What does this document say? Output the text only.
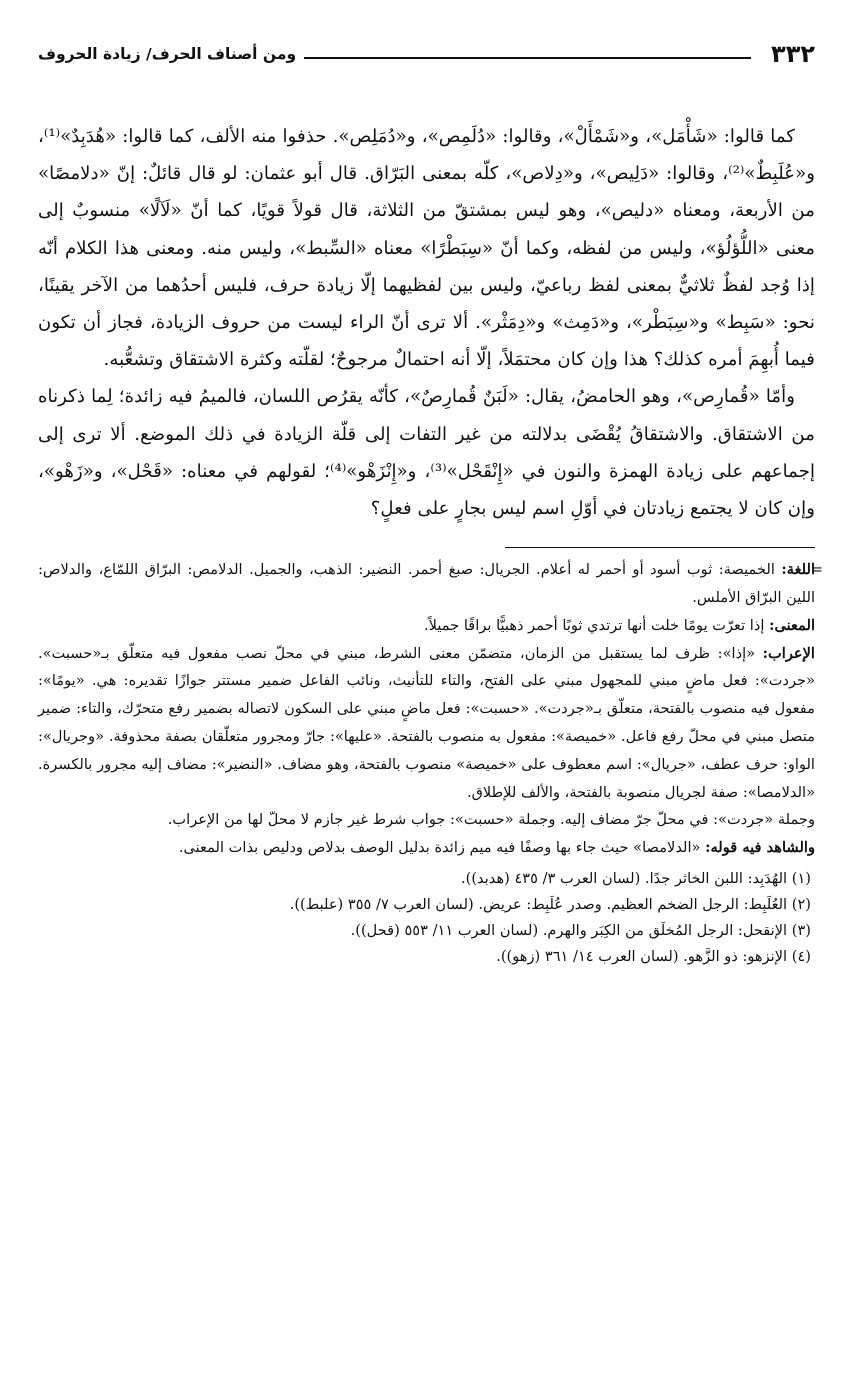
٣٣٢
ومن أصناف الحرف/ زيادة الحروف

كما قالوا: «شَأْمَل»، و«شَمْأَلْ»، وقالوا: «دُلَمِص»، و«دُمَلِص». حذفوا منه الألف، كما قالوا: «هُدَبِدٌ»⁽¹⁾، و«عُلَبِطٌ»⁽²⁾، وقالوا: «دَلِيص»، و«دِلاص»، كلّه بمعنى البَرّاق. قال أبو عثمان: لو قال قائلٌ: إنّ «دلامصًا» من الأربعة، ومعناه «دليص»، وهو ليس بمشتقّ من الثلاثة، قال قولاً قويًا، كما أنّ «لَآلًا» منسوبٌ إلى معنى «اللُّؤلُؤ»، وليس من لفظه، وكما أنّ «سِبَطْرًا» معناه «السِّبط»، وليس منه. ومعنى هذا الكلام أنّه إذا وُجد لفظٌ ثلاثيٌّ بمعنى لفظ رباعيّ، وليس بين لفظيهما إلّا زيادة حرف، فليس أحدُهما من الآخر يقينًا، نحو: «سَبِط» و«سِبَطْر»، و«دَمِث» و«دِمَثْر». ألا ترى أنّ الراء ليست من حروف الزيادة، فجاز أن تكون فيما أُبهِمَ أمره كذلك؟ هذا وإن كان محتمَلاً، إلّا أنه احتمالٌ مرجوحٌ؛ لقلّته وكثرة الاشتقاق وتشعُّبه.

وأمّا «قُمارِص»، وهو الحامضُ، يقال: «لَبَنٌ قُمارِصٌ»، كأنّه يقرُص اللسان، فالميمُ فيه زائدة؛ لِما ذكرناه من الاشتقاق. والاشتقاقُ يُقْضَى بدلالته من غير التفات إلى قلّة الزيادة في ذلك الموضع. ألا ترى إلى إجماعهم على زيادة الهمزة والنون في «إِنْقَحْل»⁽³⁾، و«إِنْزَهْو»⁽⁴⁾؛ لقولهم في معناه: «قَحْل»، و«زَهْو»، وإن كان لا يجتمع زيادتان في أوّلِ اسم ليس بجارٍ على فعلٍ؟

= اللغة: الخميصة: ثوب أسود أو أحمر له أعلام. الجريال: صبغ أحمر. النضير: الذهب، والجميل. الدلامص: البرّاق اللمّاع، والدلاص: اللين البرّاق الأملس.

المعنى: إذا تعرّت يومًا خلت أنها ترتدي ثوبًا أحمر ذهبيًّا براقًا جميلاً.

الإعراب: «إذا»: ظرف لما يستقبل من الزمان، متضمّن معنى الشرط، مبني في محلّ نصب مفعول فيه متعلّق بـ«حسبت». «جردت»: فعل ماضٍ مبني للمجهول مبني على الفتح، والتاء للتأنيث، ونائب الفاعل ضمير مستتر جوازًا تقديره: هي. «يومًا»: مفعول فيه منصوب بالفتحة، متعلّق بـ«جردت». «حسبت»: فعل ماضٍ مبني على السكون لاتصاله بضمير رفع متحرّك، والتاء: ضمير متصل مبني في محلّ رفع فاعل. «خميصة»: مفعول به منصوب بالفتحة. «عليها»: جارّ ومجرور متعلّقان بصفة محذوفة. «وجريال»: الواو: حرف عطف، «جريال»: اسم معطوف على «خميصة» منصوب بالفتحة، وهو مضاف. «النضير»: مضاف إليه مجرور بالكسرة. «الدلامصا»: صفة لجريال منصوبة بالفتحة، والألف للإطلاق.

وجملة «جردت»: في محلّ جرّ مضاف إليه. وجملة «حسبت»: جواب شرط غير جازم لا محلّ لها من الإعراب.

والشاهد فيه قوله: «الدلامصا» حيث جاء بها وصفًا فيه ميم زائدة بدليل الوصف بدلاص ودليص بذات المعنى.

(١) الهُدَبِد: اللبن الخاثر جدًا. (لسان العرب ٣/ ٤٣٥ (هدبد)).
(٢) العُلَبِط: الرجل الضخم العظيم. وصدر عُلَبِط: عريض. (لسان العرب ٧/ ٣٥٥ (علبط)).
(٣) الإنقحل: الرجل المُخلَق من الكِبَر والهرم. (لسان العرب ١١/ ٥٥٣ (قحل)).
(٤) الإنزهو: ذو الزَّهو. (لسان العرب ١٤/ ٣٦١ (زهو)).
